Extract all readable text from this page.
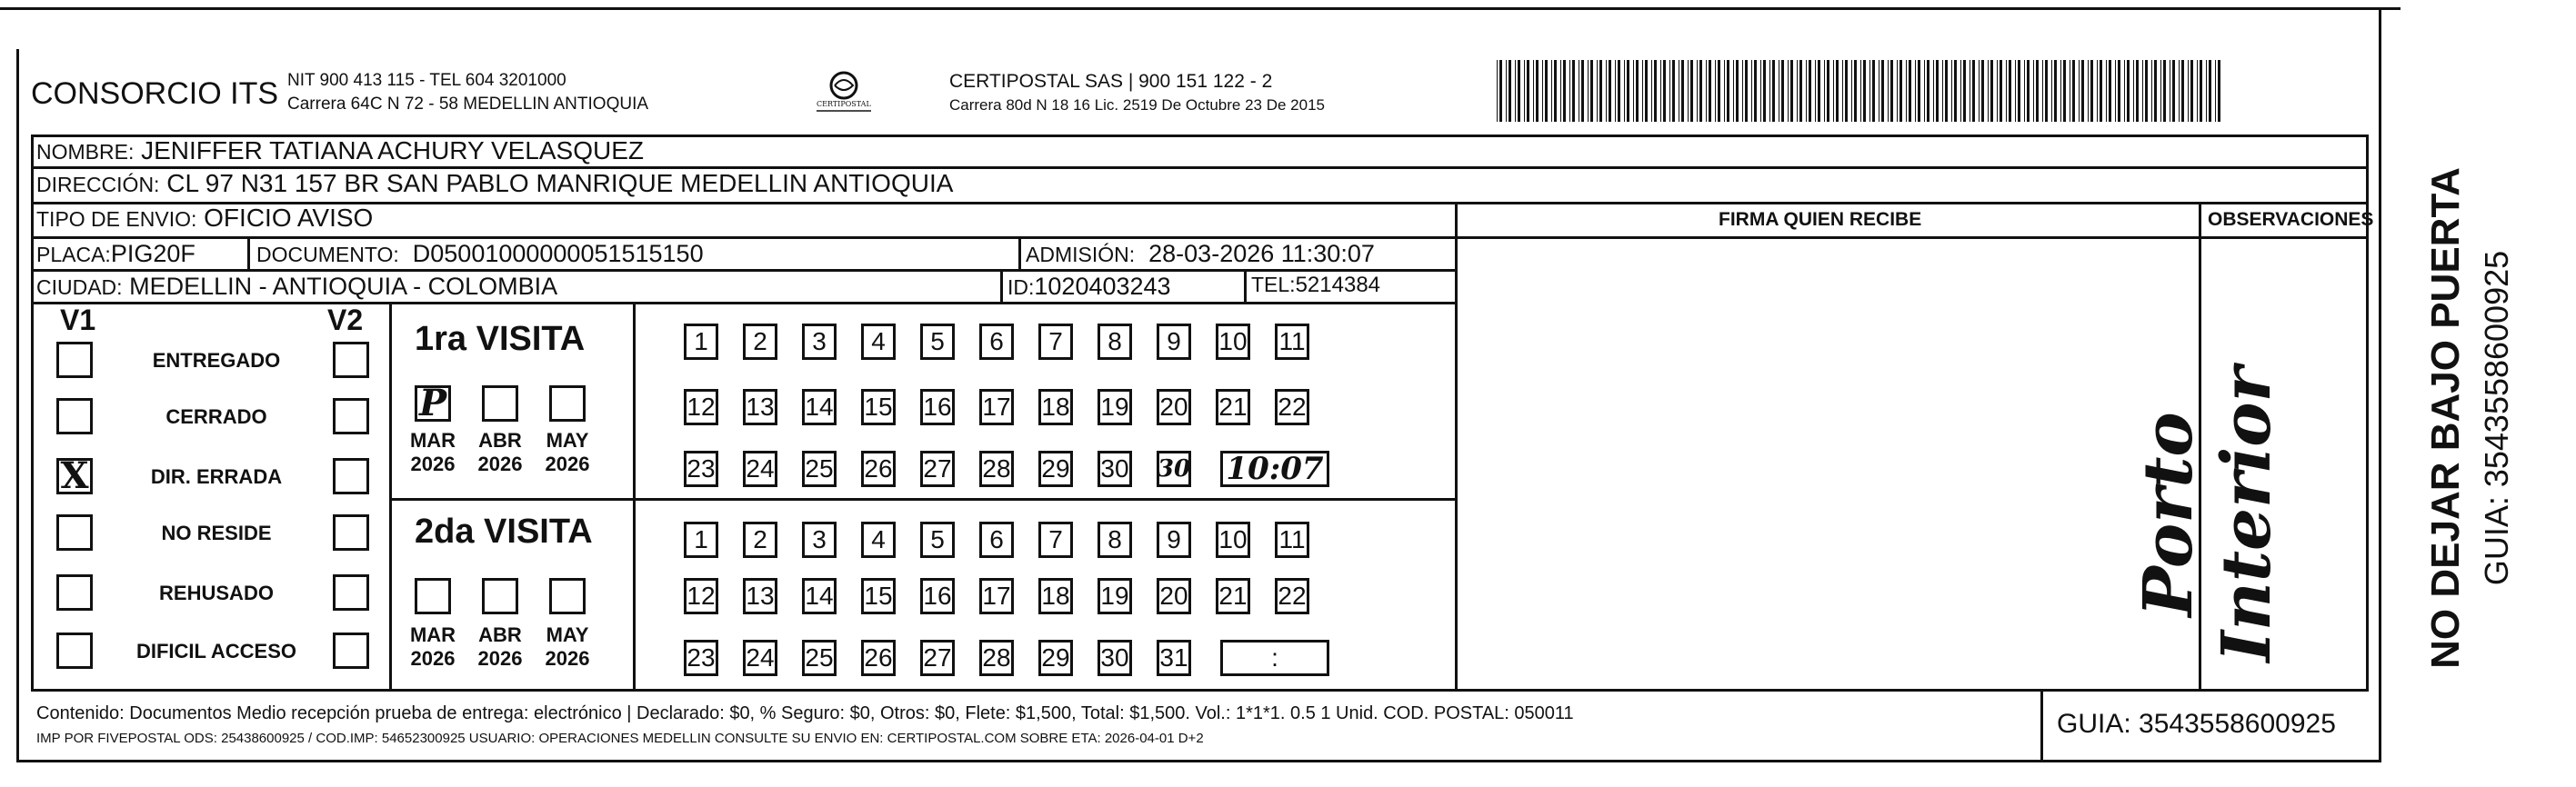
CONSORCIO ITS NIT 900 413 115 - TEL 604 3201000
Carrera 64C N 72 - 58 MEDELLIN ANTIOQUIA	CERTIPOSTAL
CERTIPOSTAL SAS | 900 151 122 - 2
Carrera 80d N 18 16 Lic. 2519 De Octubre 23 De 2015
NOMBRE: JENIFFER TATIANA ACHURY VELASQUEZ
DIRECCIÓN: CL 97 N31 157 BR SAN PABLO MANRIQUE MEDELLIN ANTIOQUIA
TIPO DE ENVIO: OFICIO AVISO	FIRMA QUIEN RECIBE	OBSERVACIONES
PLACA:PIG20F	DOCUMENTO: D05001000000051515150	ADMISIÓN: 28-03-2026 11:30:07
CIUDAD: MEDELLIN - ANTIOQUIA - COLOMBIA	ID:1020403243	TEL:5214384
V1	V2
ENTREGADO
CERRADO
X	DIR. ERRADA
NO RESIDE
REHUSADO
DIFICIL ACCESO
1ra VISITA
2da VISITA
P
MAR
2026
ABR
2026
MAY
2026
MAR
2026
ABR
2026
MAY
2026
1	2	3	4	5	6	7	8	9	10 11
12 13 14 15 16 17 18 19 20 21 22
23 24 25 26 27 28 29 30 30 10:07
1	2	3	4	5	6	7	8	9	10 11
12 13 14 15 16 17 18 19 20 21 22
23 24 25 26 27 28 29 30 31	:
Porto Interior
Contenido: Documentos Medio recepción prueba de entrega: electrónico | Declarado: $0, % Seguro: $0, Otros: $0, Flete: $1,500, Total: $1,500. Vol.: 1*1*1. 0.5 1 Unid. COD. POSTAL: 050011
IMP POR FIVEPOSTAL ODS: 25438600925 / COD.IMP: 54652300925 USUARIO: OPERACIONES MEDELLIN CONSULTE SU ENVIO EN: CERTIPOSTAL.COM SOBRE ETA: 2026-04-01 D+2	GUIA: 3543558600925
NO DEJAR BAJO PUERTA GUIA: 3543558600925
